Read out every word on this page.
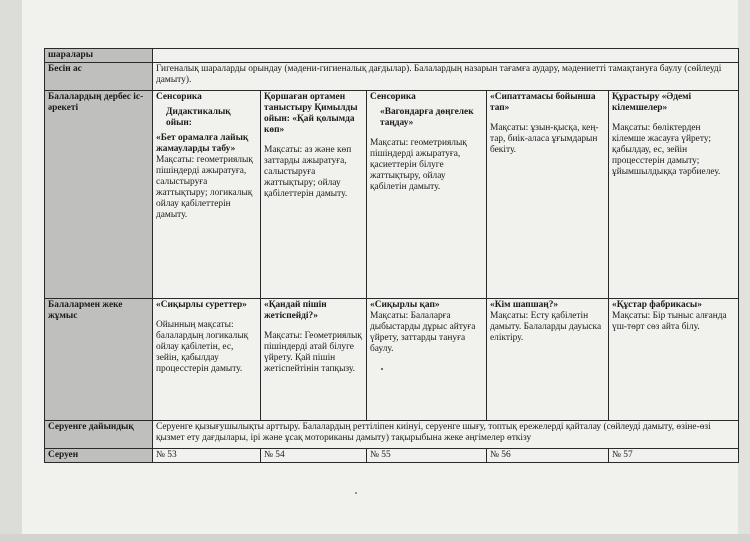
шаралары					
Бесін ас	Гигеналық шараларды орындау (мәдени-гигиеналық дағдылар). Балалардың назарын тағамға аудару, мәдениетті тамақтануға баулу (сөйлеуді дамыту).				
Балалардың дербес іс-әрекеті	Сенсорика
Дидактикалық ойын:
«Бет орамалға лайық жамауларды табу»
Мақсаты: геометриялық пішіндерді ажыратуға, салыстыруға жаттықтыру; логикалық ойлау қабілеттерін дамыту.	Қоршаған ортамен таныстыру Қимылды ойын: «Қай қолымда көп»
Мақсаты: аз және көп заттарды ажыратуға, салыстыруға жаттықтыру; ойлау қабілеттерін дамыту.	Сенсорика
«Вагондарға дөңгелек таңдау»
Мақсаты: геометриялық пішіндерді ажыратуға, қасиеттерін білуге жаттықтыру, ойлау қабілетін дамыту.	«Сипаттамасы бойынша тап»
Мақсаты: ұзын-қысқа, кең-тар, биік-аласа ұғымдарын бекіту.	Құрастыру «Әдемі кілемшелер»
Мақсаты: бөліктерден кілемше жасауға үйрету; қабылдау, ес, зейін процесстерін дамыту; ұйымшылдыққа тәрбиелеу.

Балалармен жеке жұмыс	«Сиқырлы суреттер»
Ойынның мақсаты: балалардың логикалық ойлау қабілетін, ес, зейін, қабылдау процесстерін дамыту.	«Қандай пішін жетіспейді?»
Мақсаты: Геометриялық пішіндерді атай білуге үйрету. Қай пішін жетіспейтінін тапқызу.	«Сиқырлы қап»
Мақсаты: Балаларға дыбыстарды дұрыс айтуға үйрету, заттарды тануға баулу.	«Кім шапшаң?»
Мақсаты: Есту қабілетін дамыту. Балаларды дауыска еліктіру.	«Құстар фабрикасы»
Мақсаты: Бір тыныс алғанда үш-төрт сөз айта білу.

Серуенге дайындық	Серуенге қызығушылықты арттыру. Балалардың реттіліпен киінуі, серуенге шығу, топтық ережелерді қайталау (сөйлеуді дамыту, өзіне-өзі қызмет ету дағдылары, ірі және ұсақ моториканы дамыту) тақырыбына жеке әңгімелер өткізу				
Серуен	№ 53	№ 54	№ 55	№ 56	№ 57
